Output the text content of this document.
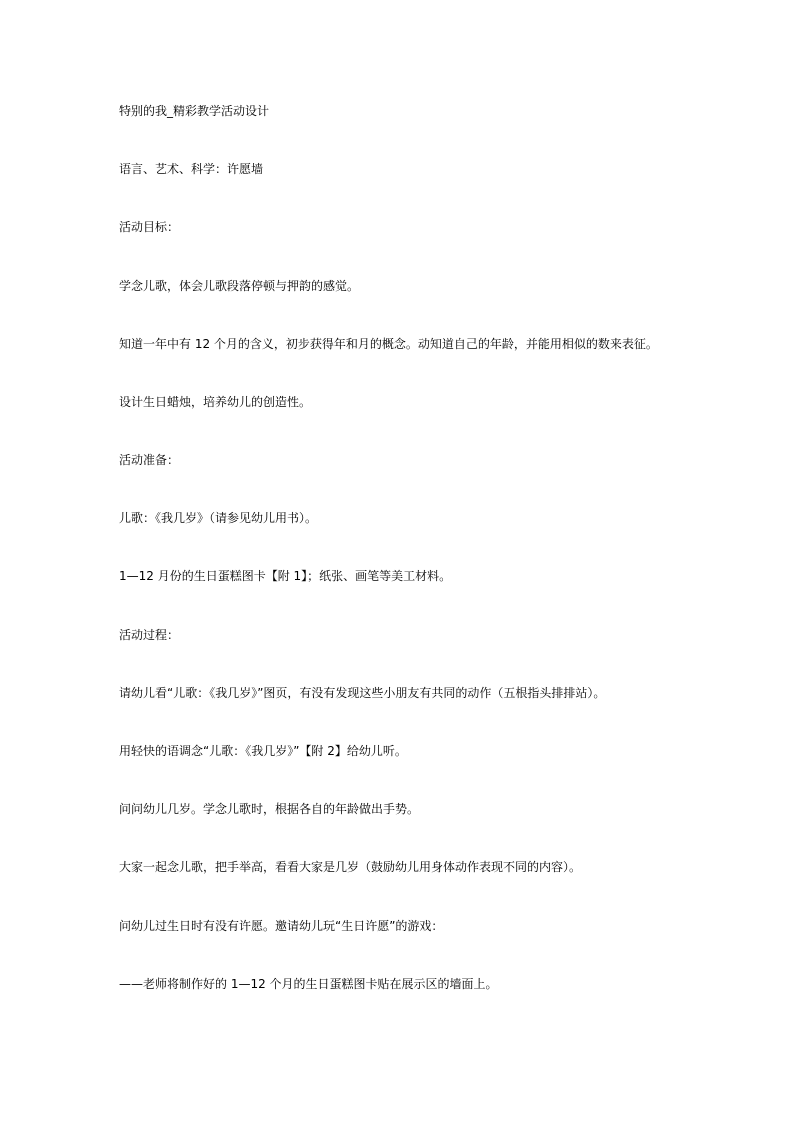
特别的我_精彩教学活动设计
语言、艺术、科学：许愿墙
活动目标：
学念儿歌，体会儿歌段落停顿与押韵的感觉。
知道一年中有 12 个月的含义，初步获得年和月的概念。动知道自己的年龄，并能用相似的数来表征。
设计生日蜡烛，培养幼儿的创造性。
活动准备：
儿歌：《我几岁》（请参见幼儿用书）。
1—12 月份的生日蛋糕图卡【附 1】；纸张、画笔等美工材料。
活动过程：
请幼儿看“儿歌：《我几岁》”图页，有没有发现这些小朋友有共同的动作（五根指头排排站）。
用轻快的语调念“儿歌：《我几岁》”【附 2】给幼儿听。
问问幼儿几岁。学念儿歌时，根据各自的年龄做出手势。
大家一起念儿歌，把手举高，看看大家是几岁（鼓励幼儿用身体动作表现不同的内容）。
问幼儿过生日时有没有许愿。邀请幼儿玩“生日许愿”的游戏：
——老师将制作好的 1—12 个月的生日蛋糕图卡贴在展示区的墙面上。
